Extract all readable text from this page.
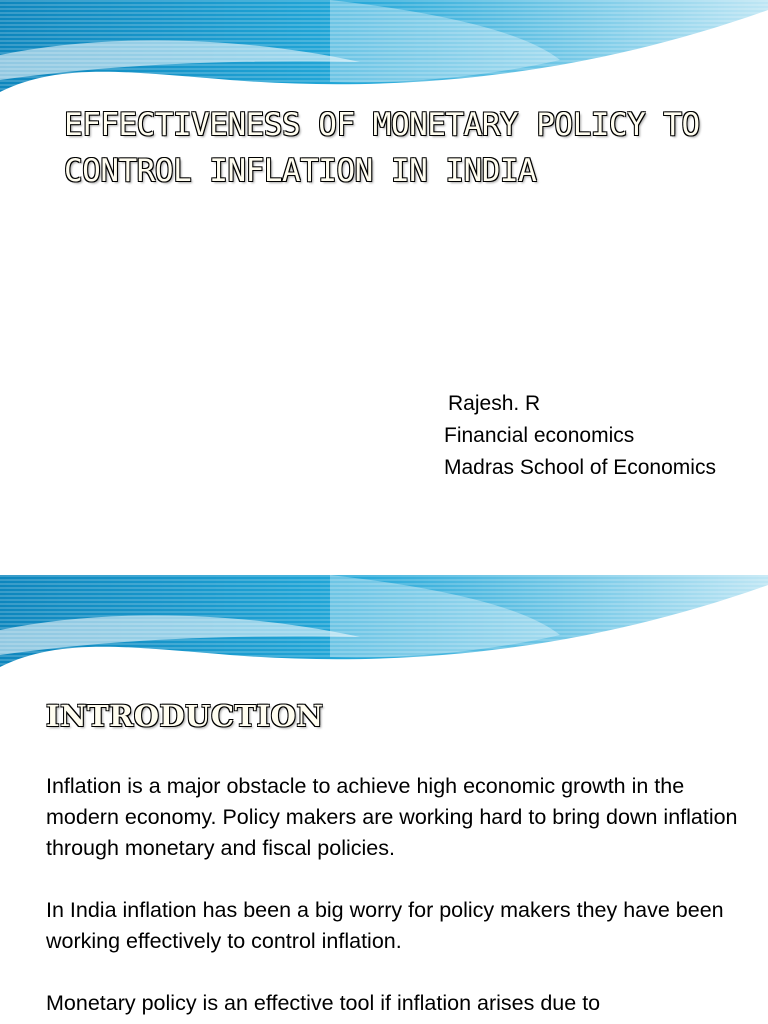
EFFECTIVENESS OF MONETARY POLICY TO CONTROL INFLATION IN INDIA
Rajesh. R
Financial economics
Madras School of Economics
INTRODUCTION

Inflation is a major obstacle to achieve high economic growth in the modern economy. Policy makers are working hard to bring down inflation through monetary and fiscal policies.

In India inflation has been a big worry for policy makers they have been working effectively to control inflation.

Monetary policy is an effective tool if inflation arises due to
